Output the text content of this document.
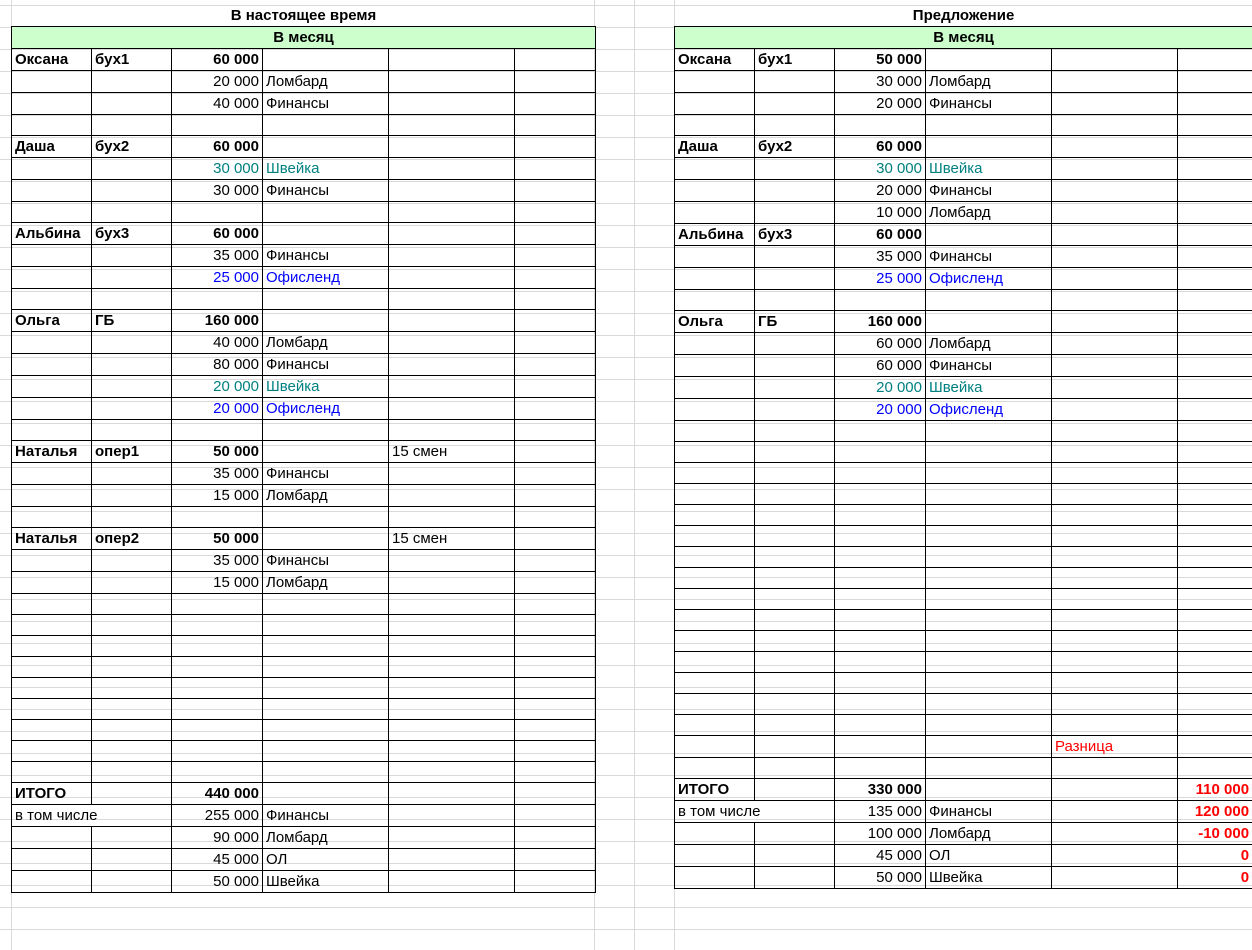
В настоящее время					
В месяц					
Оксана	бух1	60 000			
		20 000	Ломбард		
		40 000	Финансы		

Даша	бух2	60 000			
		30 000	Швейка		
		30 000	Финансы		

Альбина	бух3	60 000			
		35 000	Финансы		
		25 000	Офисленд		

Ольга	ГБ	160 000			
		40 000	Ломбард		
		80 000	Финансы		
		20 000	Швейка		
		20 000	Офисленд		

Наталья	опер1	50 000		15 смен	
		35 000	Финансы		
		15 000	Ломбард		

Наталья	опер2	50 000		15 смен	
		35 000	Финансы		
		15 000	Ломбард		

ИТОГО		440 000			
в том числе		255 000	Финансы		
		90 000	Ломбард		
		45 000	ОЛ		
		50 000	Швейка		
Предложение					
В месяц					
Оксана	бух1	50 000			
		30 000	Ломбард		
		20 000	Финансы		

Даша	бух2	60 000			
		30 000	Швейка		
		20 000	Финансы		
		10 000	Ломбард		
Альбина	бух3	60 000			
		35 000	Финансы		
		25 000	Офисленд		

Ольга	ГБ	160 000			
		60 000	Ломбард		
		60 000	Финансы		
		20 000	Швейка		
		20 000	Офисленд		

				Разница	

ИТОГО		330 000			110 000
в том числе		135 000	Финансы		120 000
		100 000	Ломбард		-10 000
		45 000	ОЛ		0
		50 000	Швейка		0
